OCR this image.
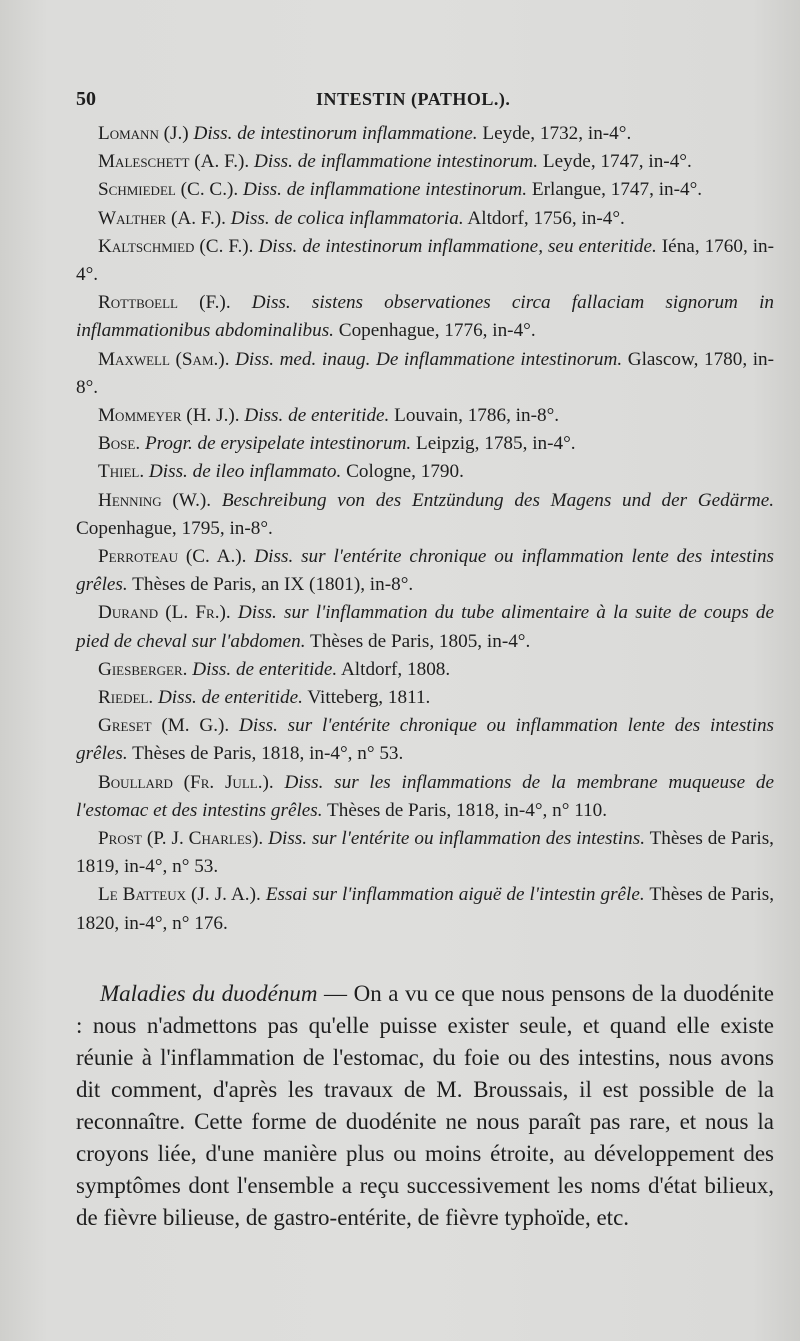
50	INTESTIN (PATHOL.).

Lomann (J.) Diss. de intestinorum inflammatione. Leyde, 1732, in-4°.

Maleschett (A. F.). Diss. de inflammatione intestinorum. Leyde, 1747, in-4°.

Schmiedel (C. C.). Diss. de inflammatione intestinorum. Erlangue, 1747, in-4°.

Walther (A. F.). Diss. de colica inflammatoria. Altdorf, 1756, in-4°.

Kaltschmied (C. F.). Diss. de intestinorum inflammatione, seu enteritide. Iéna, 1760, in-4°.

Rottboell (F.). Diss. sistens observationes circa fallaciam signorum in inflammationibus abdominalibus. Copenhague, 1776, in-4°.

Maxwell (Sam.). Diss. med. inaug. De inflammatione intestinorum. Glascow, 1780, in-8°.

Mommeyer (H. J.). Diss. de enteritide. Louvain, 1786, in-8°.

Bose. Progr. de erysipelate intestinorum. Leipzig, 1785, in-4°.

Thiel. Diss. de ileo inflammato. Cologne, 1790.

Henning (W.). Beschreibung von des Entzündung des Magens und der Gedärme. Copenhague, 1795, in-8°.

Perroteau (C. A.). Diss. sur l'entérite chronique ou inflammation lente des intestins grêles. Thèses de Paris, an IX (1801), in-8°.

Durand (L. Fr.). Diss. sur l'inflammation du tube alimentaire à la suite de coups de pied de cheval sur l'abdomen. Thèses de Paris, 1805, in-4°.

Giesberger. Diss. de enteritide. Altdorf, 1808.

Riedel. Diss. de enteritide. Vitteberg, 1811.

Greset (M. G.). Diss. sur l'entérite chronique ou inflammation lente des intestins grêles. Thèses de Paris, 1818, in-4°, n° 53.

Boullard (Fr. Jull.). Diss. sur les inflammations de la membrane muqueuse de l'estomac et des intestins grêles. Thèses de Paris, 1818, in-4°, n° 110.

Prost (P. J. Charles). Diss. sur l'entérite ou inflammation des intestins. Thèses de Paris, 1819, in-4°, n° 53.

Le Batteux (J. J. A.). Essai sur l'inflammation aiguë de l'intestin grêle. Thèses de Paris, 1820, in-4°, n° 176.

Maladies du duodénum — On a vu ce que nous pensons de la duodénite : nous n'admettons pas qu'elle puisse exister seule, et quand elle existe réunie à l'inflammation de l'estomac, du foie ou des intestins, nous avons dit comment, d'après les travaux de M. Broussais, il est possible de la reconnaître. Cette forme de duodénite ne nous paraît pas rare, et nous la croyons liée, d'une manière plus ou moins étroite, au développement des symptômes dont l'ensemble a reçu successivement les noms d'état bilieux, de fièvre bilieuse, de gastro-entérite, de fièvre typhoïde, etc.
